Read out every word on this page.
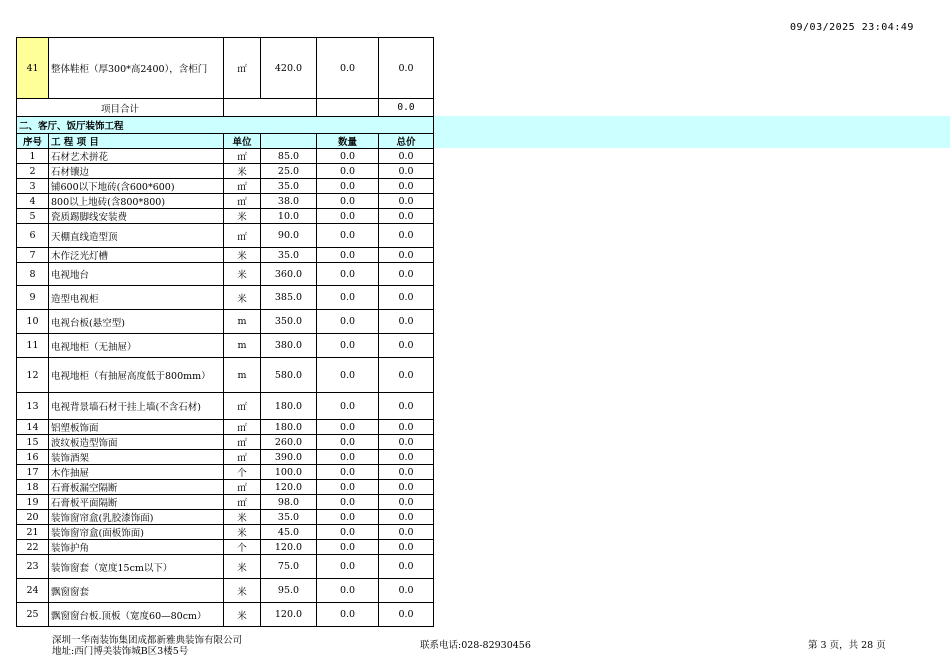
09/03/2025 23:04:49
41	整体鞋柜（厚300*高2400），含柜门	㎡	420.0	0.0	0.0
项目合计					0.0
二、客厅、饭厅装饰工程					
序号	工 程 项 目	单位		数量	总价
1	石材艺术拼花	㎡	85.0	0.0	0.0
2	石材镶边	米	25.0	0.0	0.0
3	铺600以下地砖(含600*600)	㎡	35.0	0.0	0.0
4	800以上地砖(含800*800)	㎡	38.0	0.0	0.0
5	瓷质踢脚线安装费	米	10.0	0.0	0.0
6	天棚直线造型顶	㎡	90.0	0.0	0.0
7	木作泛光灯槽	米	35.0	0.0	0.0
8	电视地台	米	360.0	0.0	0.0
9	造型电视柜	米	385.0	0.0	0.0
10	电视台板(悬空型)	m	350.0	0.0	0.0
11	电视地柜（无抽屉）	m	380.0	0.0	0.0
12	电视地柜（有抽屉高度低于800mm）	m	580.0	0.0	0.0
13	电视背景墙石材干挂上墙(不含石材)	㎡	180.0	0.0	0.0
14	铝塑板饰面	㎡	180.0	0.0	0.0
15	波纹板造型饰面	㎡	260.0	0.0	0.0
16	装饰酒架	㎡	390.0	0.0	0.0
17	木作抽屉	个	100.0	0.0	0.0
18	石膏板漏空隔断	㎡	120.0	0.0	0.0
19	石膏板平面隔断	㎡	98.0	0.0	0.0
20	装饰窗帘盒(乳胶漆饰面)	米	35.0	0.0	0.0
21	装饰窗帘盒(面板饰面)	米	45.0	0.0	0.0
22	装饰护角	个	120.0	0.0	0.0
23	装饰窗套（宽度15cm以下）	米	75.0	0.0	0.0
24	飘窗窗套	米	95.0	0.0	0.0
25	飘窗窗台板.顶板（宽度60—80cm）	米	120.0	0.0	0.0
深圳一华南装饰集团成都新雅典装饰有限公司
地址:西门博美装饰城B区3楼5号
联系电话:028-82930456	第 3 页，共 28 页
